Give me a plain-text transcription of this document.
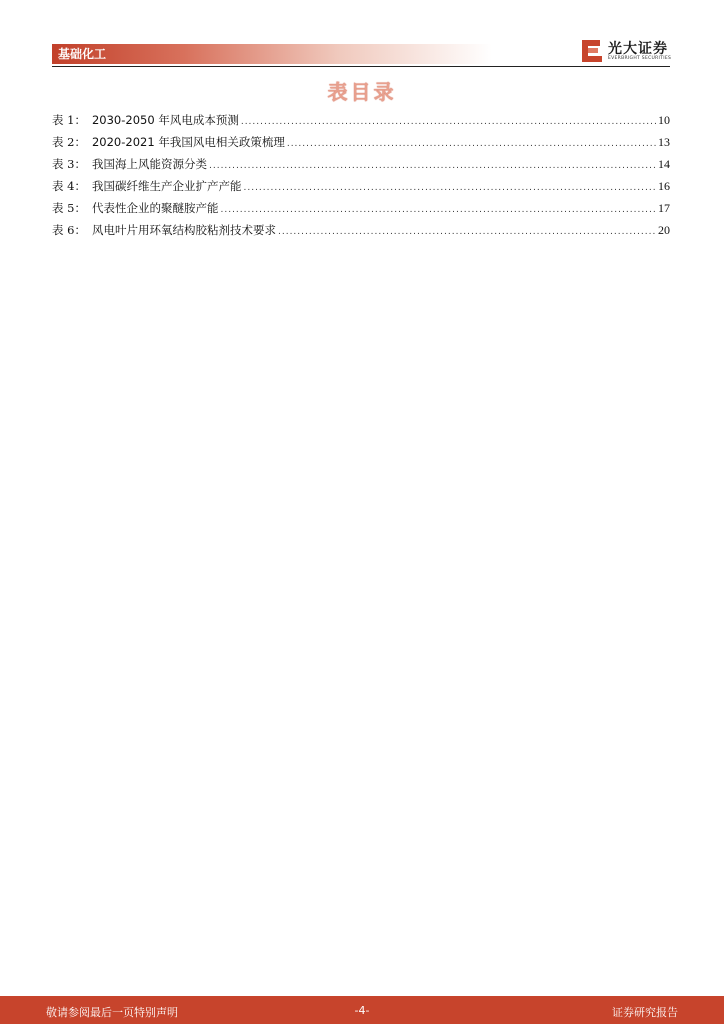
基础化工	光大证券
EVERBRIGHT SECURITIES
表目录
表 1： 2030-2050 年风电成本预测 .....	10
表 2： 2020-2021 年我国风电相关政策梳理 .....	13
表 3： 我国海上风能资源分类 .....	14
表 4： 我国碳纤维生产企业扩产产能 .....	16
表 5： 代表性企业的聚醚胺产能 .....	17
表 6： 风电叶片用环氧结构胶粘剂技术要求 .....	20
敬请参阅最后一页特别声明	-4-	证券研究报告
